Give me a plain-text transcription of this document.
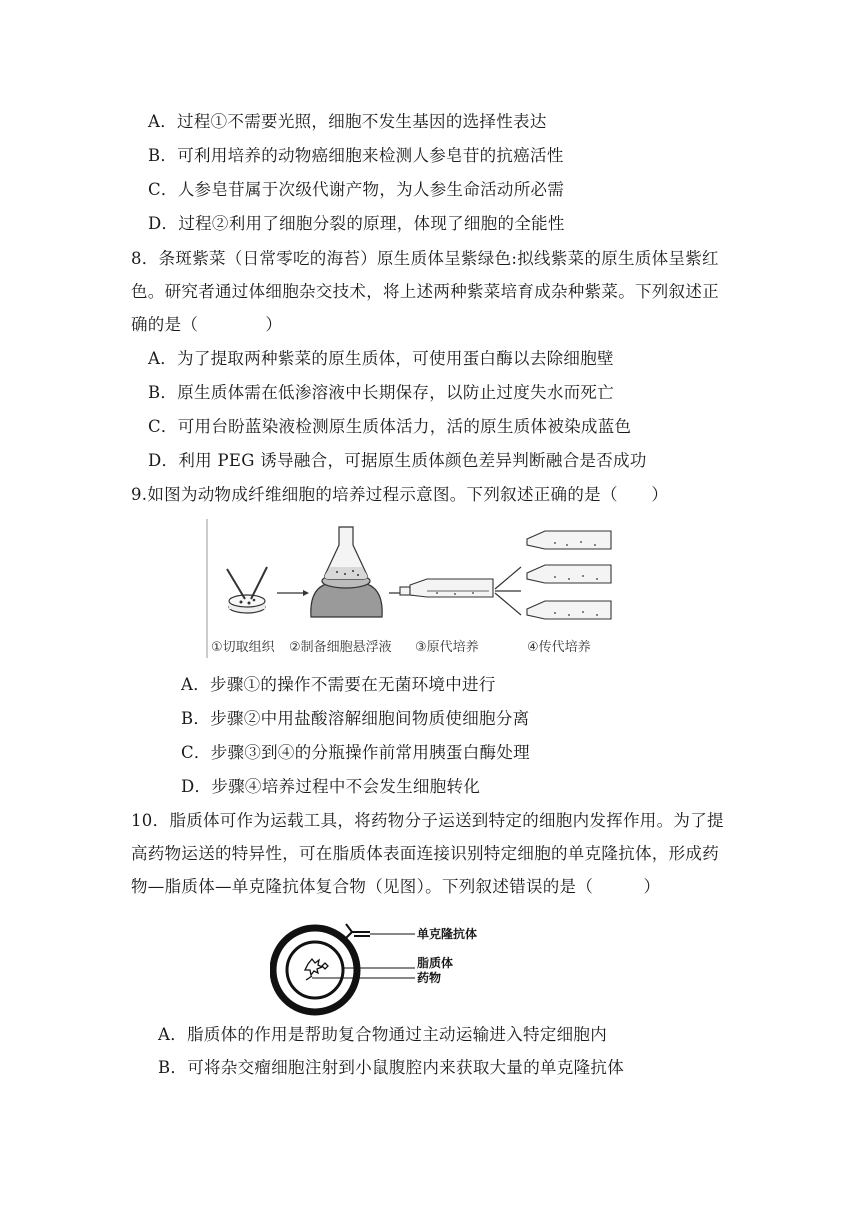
A．过程①不需要光照，细胞不发生基因的选择性表达
B．可利用培养的动物癌细胞来检测人参皂苷的抗癌活性
C．人参皂苷属于次级代谢产物，为人参生命活动所必需
D．过程②利用了细胞分裂的原理，体现了细胞的全能性
8．条斑紫菜（日常零吃的海苔）原生质体呈紫绿色:拟线紫菜的原生质体呈紫红
色。研究者通过体细胞杂交技术，将上述两种紫菜培育成杂种紫菜。下列叙述正
确的是（　　　　）
A．为了提取两种紫菜的原生质体，可使用蛋白酶以去除细胞壁
B．原生质体需在低渗溶液中长期保存，以防止过度失水而死亡
C．可用台盼蓝染液检测原生质体活力，活的原生质体被染成蓝色
D．利用 PEG 诱导融合，可据原生质体颜色差异判断融合是否成功
9.如图为动物成纤维细胞的培养过程示意图。下列叙述正确的是（　　）
①切取组织 ②制备细胞悬浮液 ③原代培养	④传代培养
A．步骤①的操作不需要在无菌环境中进行
B．步骤②中用盐酸溶解细胞间物质使细胞分离
C．步骤③到④的分瓶操作前常用胰蛋白酶处理
D．步骤④培养过程中不会发生细胞转化
10．脂质体可作为运载工具，将药物分子运送到特定的细胞内发挥作用。为了提
高药物运送的特异性，可在脂质体表面连接识别特定细胞的单克隆抗体，形成药
物—脂质体—单克隆抗体复合物（见图）。下列叙述错误的是（　　　）
单克隆抗体
脂质体
药物
A．脂质体的作用是帮助复合物通过主动运输进入特定细胞内
B．可将杂交瘤细胞注射到小鼠腹腔内来获取大量的单克隆抗体
